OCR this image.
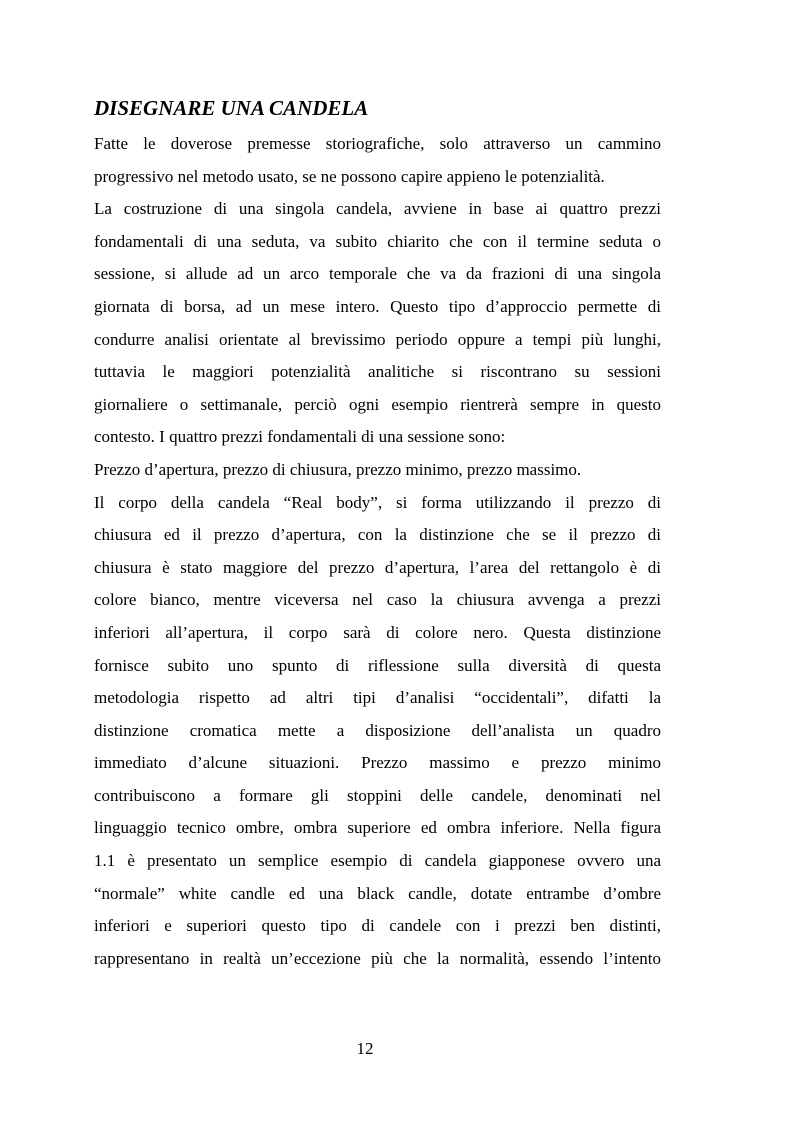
DISEGNARE UNA CANDELA
Fatte le doverose premesse storiografiche, solo attraverso un cammino
progressivo nel metodo usato, se ne possono capire appieno le potenzialità.
La costruzione di una singola candela, avviene in base ai quattro prezzi
fondamentali di una seduta, va subito chiarito che con il termine seduta o
sessione, si allude ad un arco temporale che va da frazioni di una singola
giornata di borsa, ad un mese intero. Questo tipo d’approccio permette di
condurre analisi orientate al brevissimo periodo oppure a tempi più lunghi,
tuttavia le maggiori potenzialità analitiche si riscontrano su sessioni
giornaliere o settimanale, perciò ogni esempio rientrerà sempre in questo
contesto. I quattro prezzi fondamentali di una sessione sono:
Prezzo d’apertura, prezzo di chiusura, prezzo minimo, prezzo massimo.
Il corpo della candela “Real body”, si forma utilizzando il prezzo di
chiusura ed il prezzo d’apertura, con la distinzione che se il prezzo di
chiusura è stato maggiore del prezzo d’apertura, l’area del rettangolo è di
colore bianco, mentre viceversa nel caso la chiusura avvenga a prezzi
inferiori all’apertura, il corpo sarà di colore nero. Questa distinzione
fornisce subito uno spunto di riflessione sulla diversità di questa
metodologia rispetto ad altri tipi d’analisi “occidentali”, difatti la
distinzione cromatica mette a disposizione dell’analista un quadro
immediato d’alcune situazioni. Prezzo massimo e prezzo minimo
contribuiscono a formare gli stoppini delle candele, denominati nel
linguaggio tecnico ombre, ombra superiore ed ombra inferiore. Nella figura
1.1 è presentato un semplice esempio di candela giapponese ovvero una
“normale” white candle ed una black candle, dotate entrambe d’ombre
inferiori e superiori questo tipo di candele con i prezzi ben distinti,
rappresentano in realtà un’eccezione più che la normalità, essendo l’intento
12
